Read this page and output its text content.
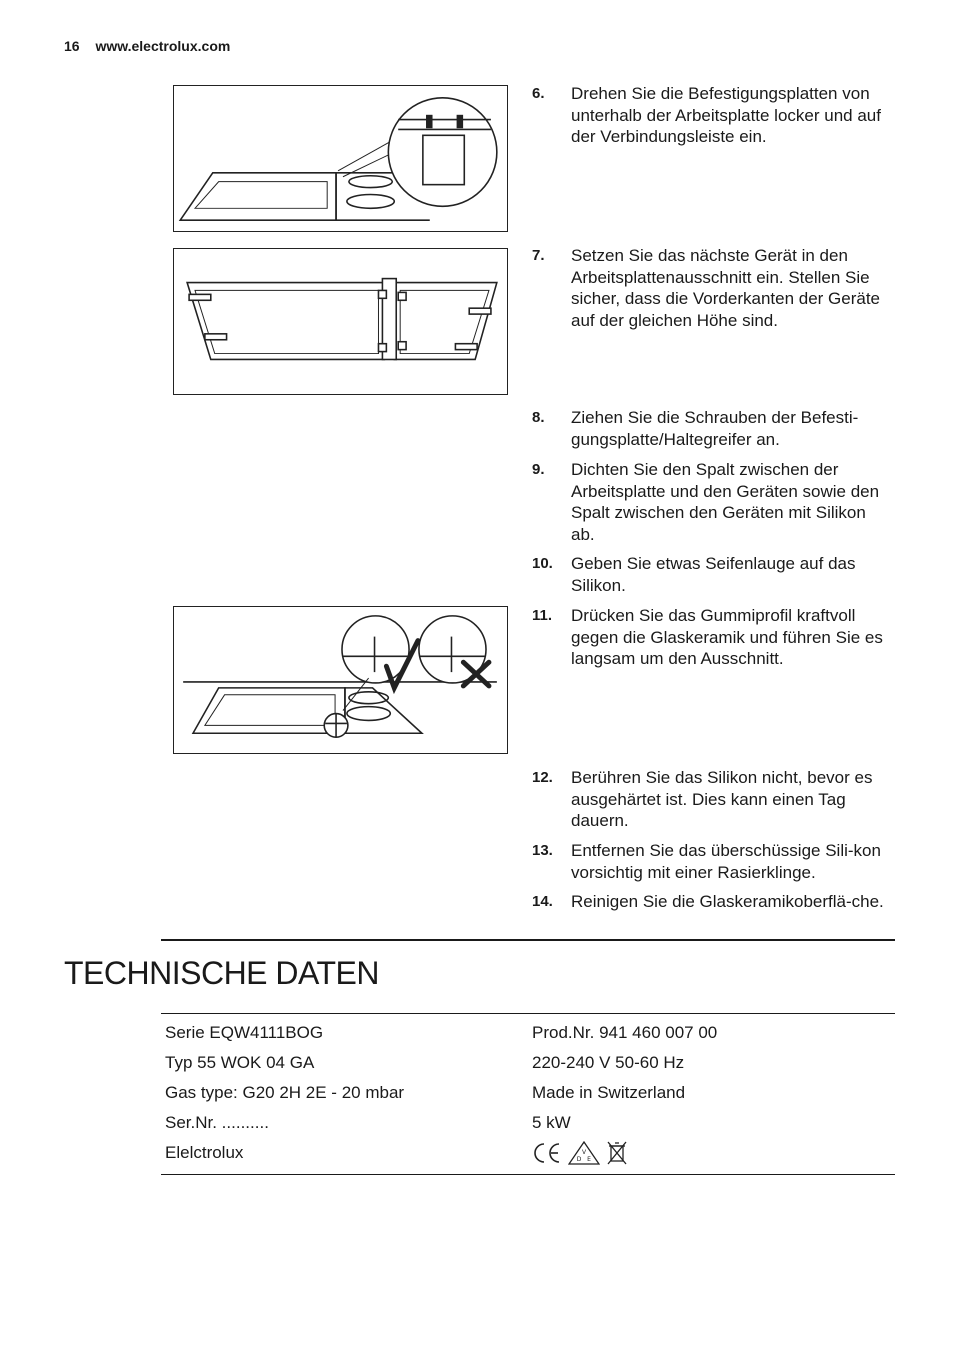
16 www.electrolux.com
6. Drehen Sie die Befestigungsplatten von unterhalb der Arbeitsplatte locker und auf der Verbindungsleiste ein.
7. Setzen Sie das nächste Gerät in den Arbeitsplattenausschnitt ein. Stellen Sie sicher, dass die Vorderkanten der Geräte auf der gleichen Höhe sind.
8. Ziehen Sie die Schrauben der Befesti-gungsplatte/Haltegreifer an.
9. Dichten Sie den Spalt zwischen der Arbeitsplatte und den Geräten sowie den Spalt zwischen den Geräten mit Silikon ab.
10. Geben Sie etwas Seifenlauge auf das Silikon.
11. Drücken Sie das Gummiprofil kraftvoll gegen die Glaskeramik und führen Sie es langsam um den Ausschnitt.
12. Berühren Sie das Silikon nicht, bevor es ausgehärtet ist. Dies kann einen Tag dauern.
13. Entfernen Sie das überschüssige Sili-kon vorsichtig mit einer Rasierklinge.
14. Reinigen Sie die Glaskeramikoberflä-che.
TECHNISCHE DATEN
Serie EQW4111BOG	Prod.Nr. 941 460 007 00
Typ 55 WOK 04 GA	220-240 V 50-60 Hz
Gas type: G20 2H 2E - 20 mbar	Made in Switzerland
Ser.Nr. ..........	5 kW
Elelctrolux	V
D E
